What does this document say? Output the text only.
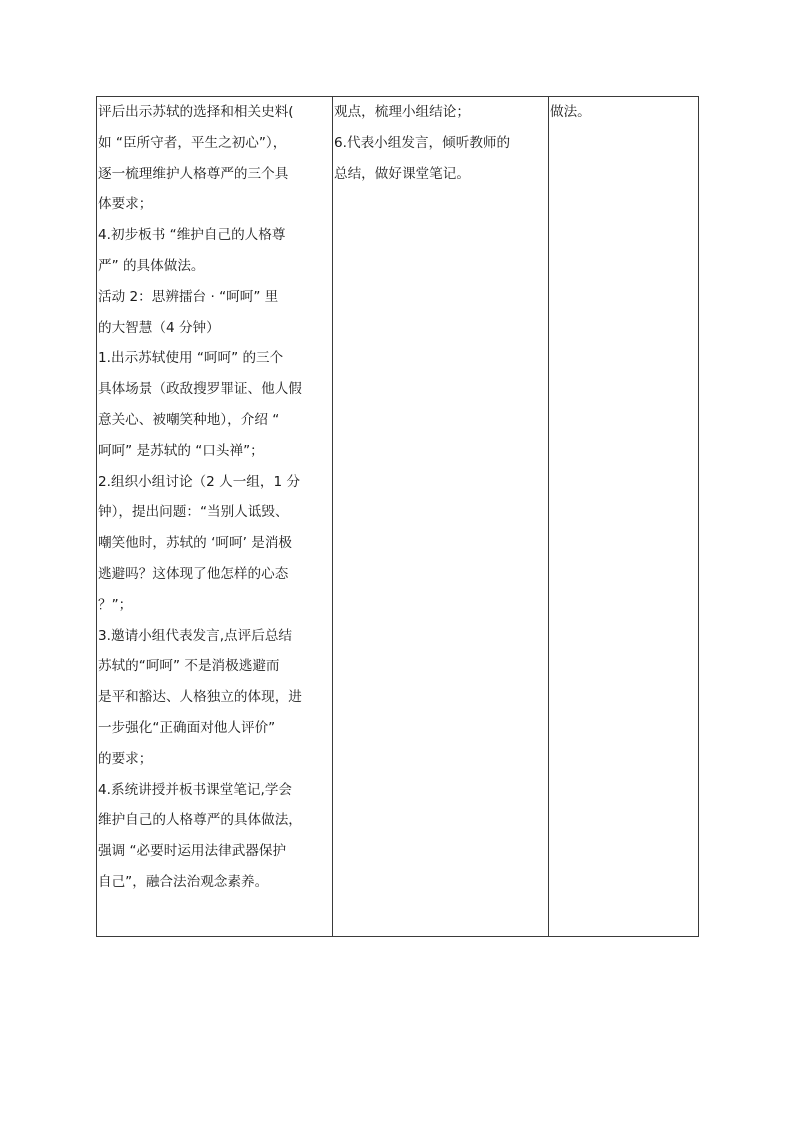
评后出示苏轼的选择和相关史料(
如 “臣所守者，平生之初心”），
逐一梳理维护人格尊严的三个具
体要求；
4.初步板书 “维护自己的人格尊
严” 的具体做法。
活动 2：思辨擂台 · “呵呵” 里
的大智慧（4 分钟）
1.出示苏轼使用 “呵呵” 的三个
具体场景（政敌搜罗罪证、他人假
意关心、被嘲笑种地），介绍 “
呵呵” 是苏轼的 “口头禅”；
2.组织小组讨论（2 人一组，1 分
钟），提出问题：“当别人诋毁、
嘲笑他时，苏轼的 ‘呵呵’ 是消极
逃避吗？这体现了他怎样的心态
？”；
3.邀请小组代表发言,点评后总结
苏轼的“呵呵” 不是消极逃避而
是平和豁达、人格独立的体现，进
一步强化“正确面对他人评价”
的要求；
4.系统讲授并板书课堂笔记,学会
维护自己的人格尊严的具体做法，
强调 “必要时运用法律武器保护
自己”，融合法治观念素养。

观点，梳理小组结论；
6.代表小组发言，倾听教师的
总结，做好课堂笔记。

做法。
